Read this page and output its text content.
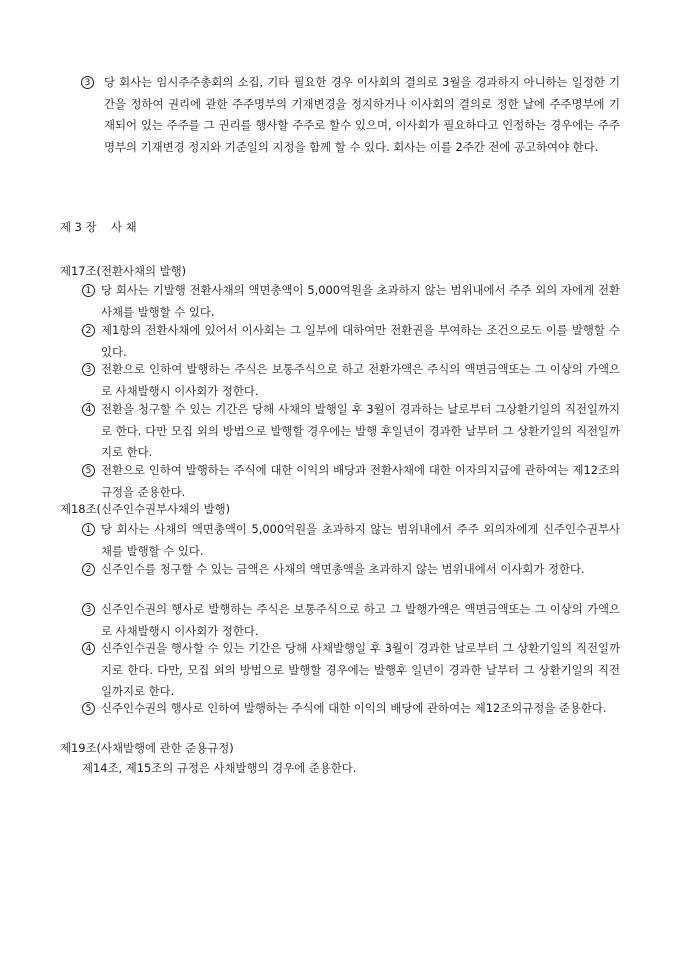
3	당 회사는 임시주주총회의 소집, 기타 필요한 경우 이사회의 결의로 3월을 경과하지 아니하는 일정한 기간을 정하여 권리에 관한 주주명부의 기재변경을 정지하거나 이사회의 결의로 정한 날에 주주명부에 기재되어 있는 주주를 그 권리를 행사할 주주로 할수 있으며, 이사회가 필요하다고 인정하는 경우에는 주주명부의 기재변경 정지와 기준일의 지정을 함께 할 수 있다. 회사는 이를 2주간 전에 공고하여야 한다.
제 3 장    사 채
제17조(전환사채의 발행)
1 당 회사는 기발행 전환사채의 액면총액이 5,000억원을 초과하지 않는 범위내에서 주주 외의 자에게 전환사채를 발행할 수 있다.
2 제1항의 전환사채에 있어서 이사회는 그 일부에 대하여만 전환권을 부여하는 조건으로도 이를 발행할 수 있다.
3 전환으로 인하여 발행하는 주식은 보통주식으로 하고 전환가액은 주식의 액면금액또는 그 이상의 가액으로 사채발행시 이사회가 정한다.
4 전환을 청구할 수 있는 기간은 당해 사채의 발행일 후 3월이 경과하는 날로부터 그상환기일의 직전일까지로 한다. 다만 모집 외의 방법으로 발행할 경우에는 발행 후일년이 경과한 날부터 그 상환기일의 직전일까지로 한다.
5 전환으로 인하여 발행하는 주식에 대한 이익의 배당과 전환사채에 대한 이자의지급에 관하여는 제12조의 규정을 준용한다.
제18조(신주인수권부사채의 발행)
1 당 회사는 사채의 액면총액이 5,000억원을 초과하지 않는 범위내에서 주주 외의자에게 신주인수권부사채를 발행할 수 있다.
2 신주인수를 청구할 수 있는 금액은 사채의 액면총액을 초과하지 않는 범위내에서 이사회가 정한다.
3 신주인수권의 행사로 발행하는 주식은 보통주식으로 하고 그 발행가액은 액면금액또는 그 이상의 가액으로 사채발행시 이사회가 정한다.
4 신주인수권을 행사할 수 있는 기간은 당해 사채발행일 후 3월이 경과한 날로부터 그 상환기일의 직전일까지로 한다. 다만, 모집 외의 방법으로 발행할 경우에는 발행후 일년이 경과한 날부터 그 상환기일의 직전일까지로 한다.
5 신주인수권의 행사로 인하여 발행하는 주식에 대한 이익의 배당에 관하여는 제12조의규정을 준용한다.
제19조(사채발행에 관한 준용규정)
제14조, 제15조의 규정은 사채발행의 경우에 준용한다.
